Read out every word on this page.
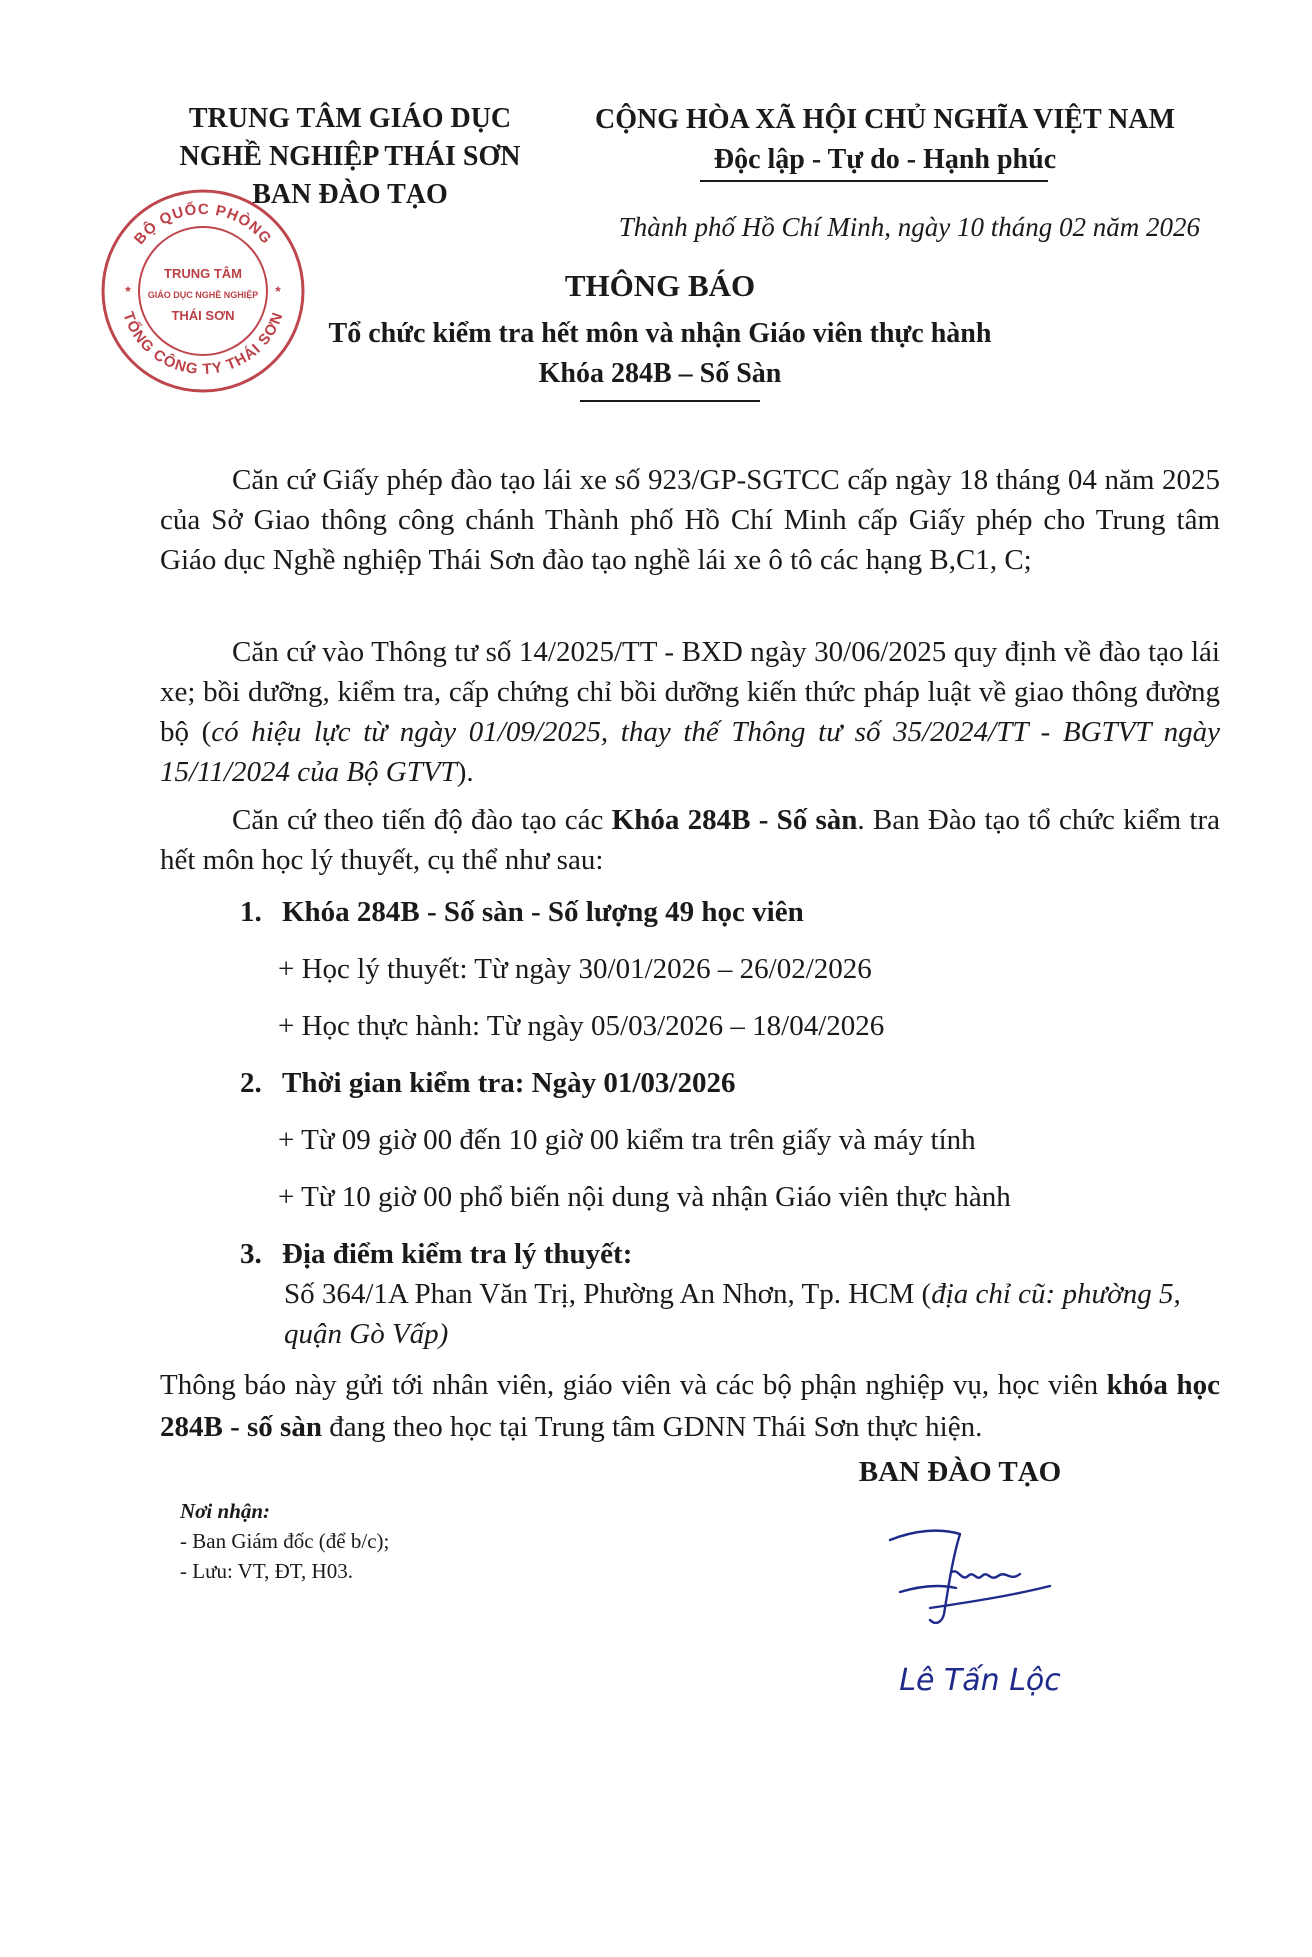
TRUNG TÂM GIÁO DỤC
NGHỀ NGHIỆP THÁI SƠN
BAN ĐÀO TẠO
CỘNG HÒA XÃ HỘI CHỦ NGHĨA VIỆT NAM
Độc lập - Tự do - Hạnh phúc
Thành phố Hồ Chí Minh, ngày 10 tháng 02 năm 2026
BỘ QUỐC PHÒNG
TỔNG CÔNG TY THÁI SƠN
TRUNG TÂM
GIÁO DỤC NGHỀ NGHIỆP
THÁI SƠN
*	*	THÔNG BÁO
Tổ chức kiểm tra hết môn và nhận Giáo viên thực hành
Khóa 284B – Số Sàn
Căn cứ Giấy phép đào tạo lái xe số 923/GP-SGTCC cấp ngày 18 tháng 04 năm 2025 của Sở Giao thông công chánh Thành phố Hồ Chí Minh cấp Giấy phép cho Trung tâm Giáo dục Nghề nghiệp Thái Sơn đào tạo nghề lái xe ô tô các hạng B,C1, C;
Căn cứ vào Thông tư số 14/2025/TT - BXD ngày 30/06/2025 quy định về đào tạo lái xe; bồi dưỡng, kiểm tra, cấp chứng chỉ bồi dưỡng kiến thức pháp luật về giao thông đường bộ (có hiệu lực từ ngày 01/09/2025, thay thế Thông tư số 35/2024/TT - BGTVT ngày 15/11/2024 của Bộ GTVT).
Căn cứ theo tiến độ đào tạo các Khóa 284B - Số sàn. Ban Đào tạo tổ chức kiểm tra hết môn học lý thuyết, cụ thể như sau:
1. Khóa 284B - Số sàn - Số lượng 49 học viên
+ Học lý thuyết: Từ ngày 30/01/2026 – 26/02/2026
+ Học thực hành: Từ ngày 05/03/2026 – 18/04/2026
2. Thời gian kiểm tra: Ngày 01/03/2026
+ Từ 09 giờ 00 đến 10 giờ 00 kiểm tra trên giấy và máy tính
+ Từ 10 giờ 00 phổ biến nội dung và nhận Giáo viên thực hành
3. Địa điểm kiểm tra lý thuyết:
Số 364/1A Phan Văn Trị, Phường An Nhơn, Tp. HCM (địa chỉ cũ: phường 5, quận Gò Vấp)
Thông báo này gửi tới nhân viên, giáo viên và các bộ phận nghiệp vụ, học viên khóa học 284B - số sàn đang theo học tại Trung tâm GDNN Thái Sơn thực hiện.
BAN ĐÀO TẠO
Lê Tấn Lộc
Nơi nhận:
- Ban Giám đốc (để b/c);
- Lưu: VT, ĐT, H03.
